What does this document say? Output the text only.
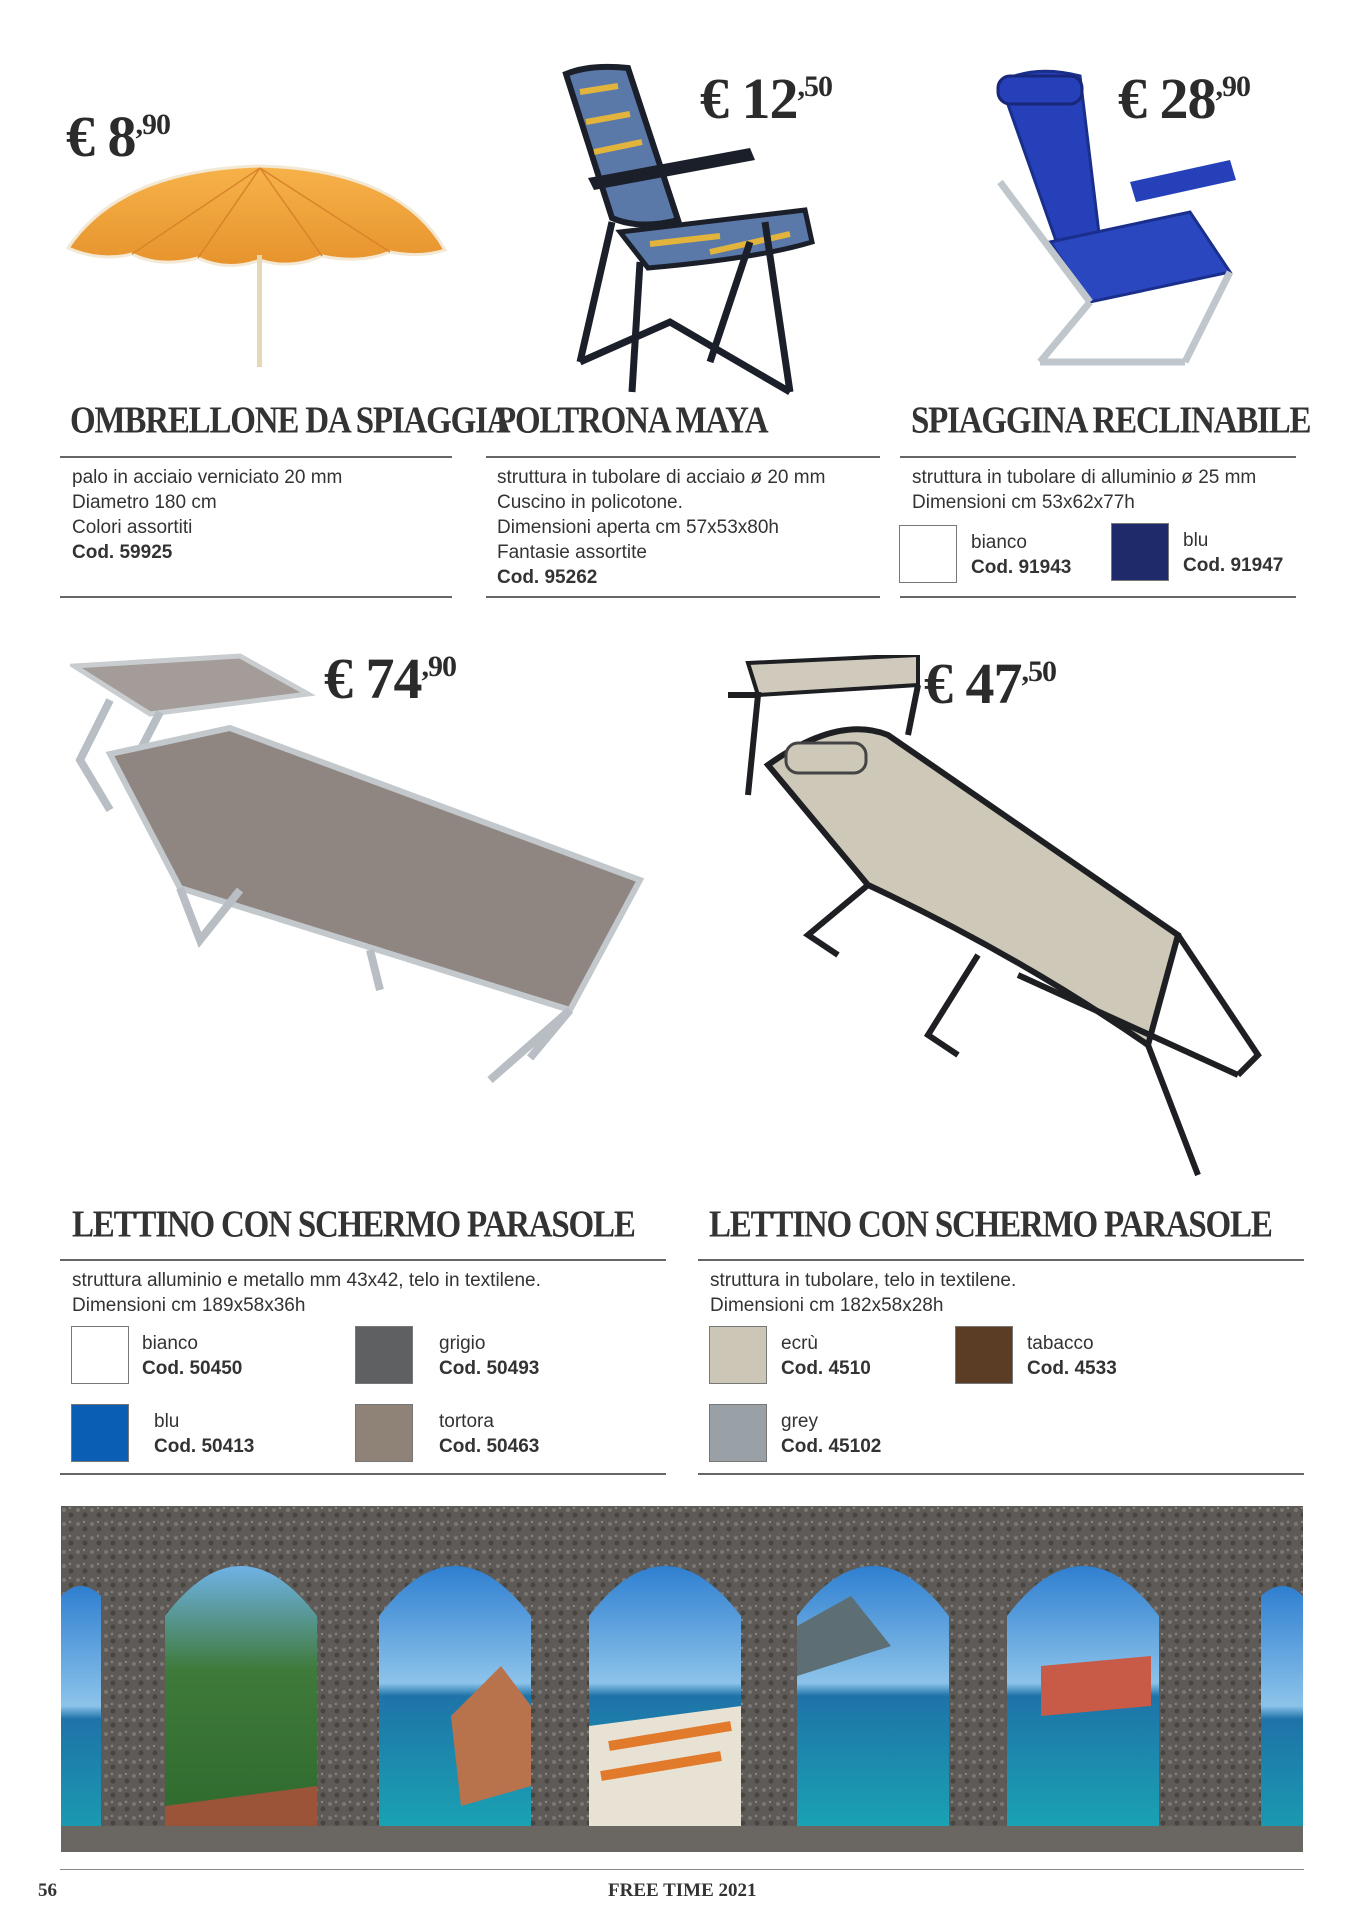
€ $8^{,90}$
OMBRELLONE DA SPIAGGIA
palo in acciaio verniciato 20 mm
Diametro 180 cm
Colori assortiti
Cod. 59925
€ $12^{,50}$
POLTRONA MAYA
struttura in tubolare di acciaio ø 20 mm
Cuscino in policotone.
Dimensioni aperta cm 57x53x80h
Fantasie assortite
Cod. 95262
€ $28^{,90}$
SPIAGGINA RECLINABILE
struttura in tubolare di alluminio ø 25 mm
Dimensioni cm 53x62x77h
bianco
Cod. 91943
blu
Cod. 91947
€ $74^{,90}$
LETTINO CON SCHERMO PARASOLE
struttura alluminio e metallo mm 43x42, telo in textilene.
Dimensioni cm 189x58x36h
bianco
Cod. 50450
grigio
Cod. 50493
blu
Cod. 50413
tortora
Cod. 50463
€ $47^{,50}$
LETTINO CON SCHERMO PARASOLE
struttura in tubolare, telo in textilene.
Dimensioni cm 182x58x28h
ecrù
Cod. 4510
tabacco
Cod. 4533
grey
Cod. 45102
56	FREE TIME 2021
